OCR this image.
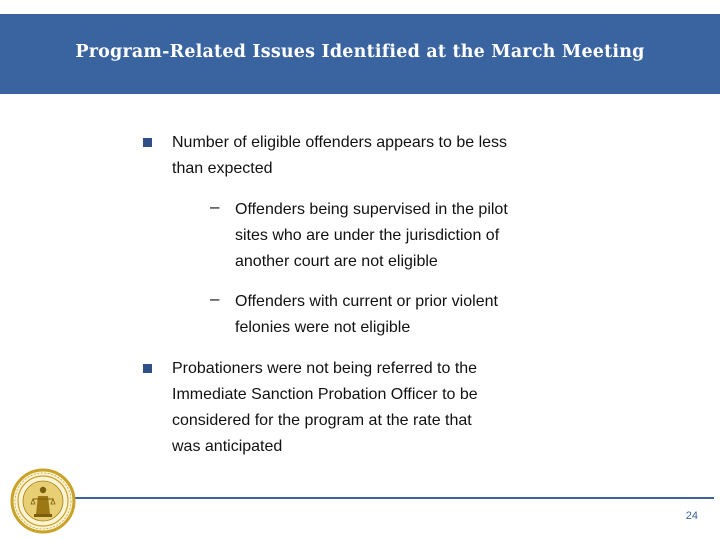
Program-Related Issues Identified at the March Meeting
Number of eligible offenders appears to be less
than expected
– Offenders being supervised in the pilot
sites who are under the jurisdiction of
another court are not eligible
– Offenders with current or prior violent
felonies were not eligible
Probationers were not being referred to the
Immediate Sanction Probation Officer to be
considered for the program at the rate that
was anticipated
24
